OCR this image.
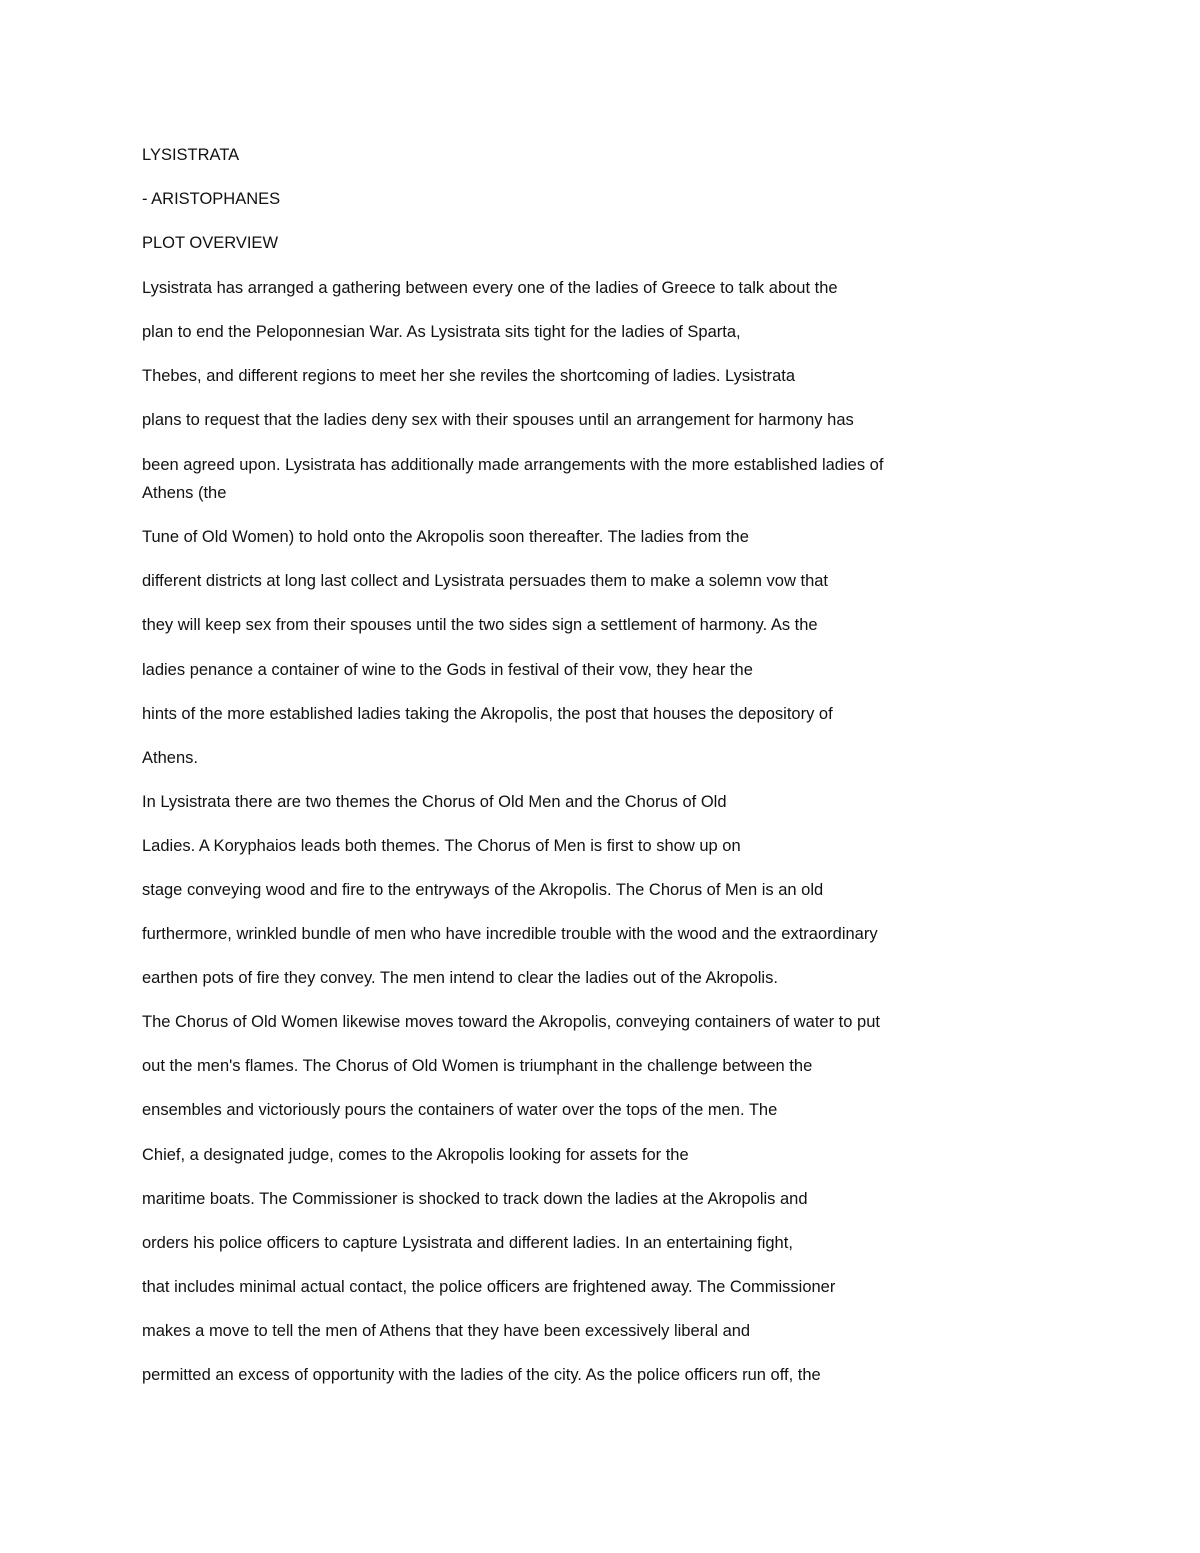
LYSISTRATA
- ARISTOPHANES
PLOT OVERVIEW
Lysistrata has arranged a gathering between every one of the ladies of Greece to talk about the
plan to end the Peloponnesian War. As Lysistrata sits tight for the ladies of Sparta,
Thebes, and different regions to meet her she reviles the shortcoming of ladies. Lysistrata
plans to request that the ladies deny sex with their spouses until an arrangement for harmony has
been agreed upon. Lysistrata has additionally made arrangements with the more established ladies of
Athens (the
Tune of Old Women) to hold onto the Akropolis soon thereafter. The ladies from the
different districts at long last collect and Lysistrata persuades them to make a solemn vow that
they will keep sex from their spouses until the two sides sign a settlement of harmony. As the
ladies penance a container of wine to the Gods in festival of their vow, they hear the
hints of the more established ladies taking the Akropolis, the post that houses the depository of
Athens.
In Lysistrata there are two themes the Chorus of Old Men and the Chorus of Old
Ladies. A Koryphaios leads both themes. The Chorus of Men is first to show up on
stage conveying wood and fire to the entryways of the Akropolis. The Chorus of Men is an old
furthermore, wrinkled bundle of men who have incredible trouble with the wood and the extraordinary
earthen pots of fire they convey. The men intend to clear the ladies out of the Akropolis.
The Chorus of Old Women likewise moves toward the Akropolis, conveying containers of water to put
out the men's flames. The Chorus of Old Women is triumphant in the challenge between the
ensembles and victoriously pours the containers of water over the tops of the men. The
Chief, a designated judge, comes to the Akropolis looking for assets for the
maritime boats. The Commissioner is shocked to track down the ladies at the Akropolis and
orders his police officers to capture Lysistrata and different ladies. In an entertaining fight,
that includes minimal actual contact, the police officers are frightened away. The Commissioner
makes a move to tell the men of Athens that they have been excessively liberal and
permitted an excess of opportunity with the ladies of the city. As the police officers run off, the
